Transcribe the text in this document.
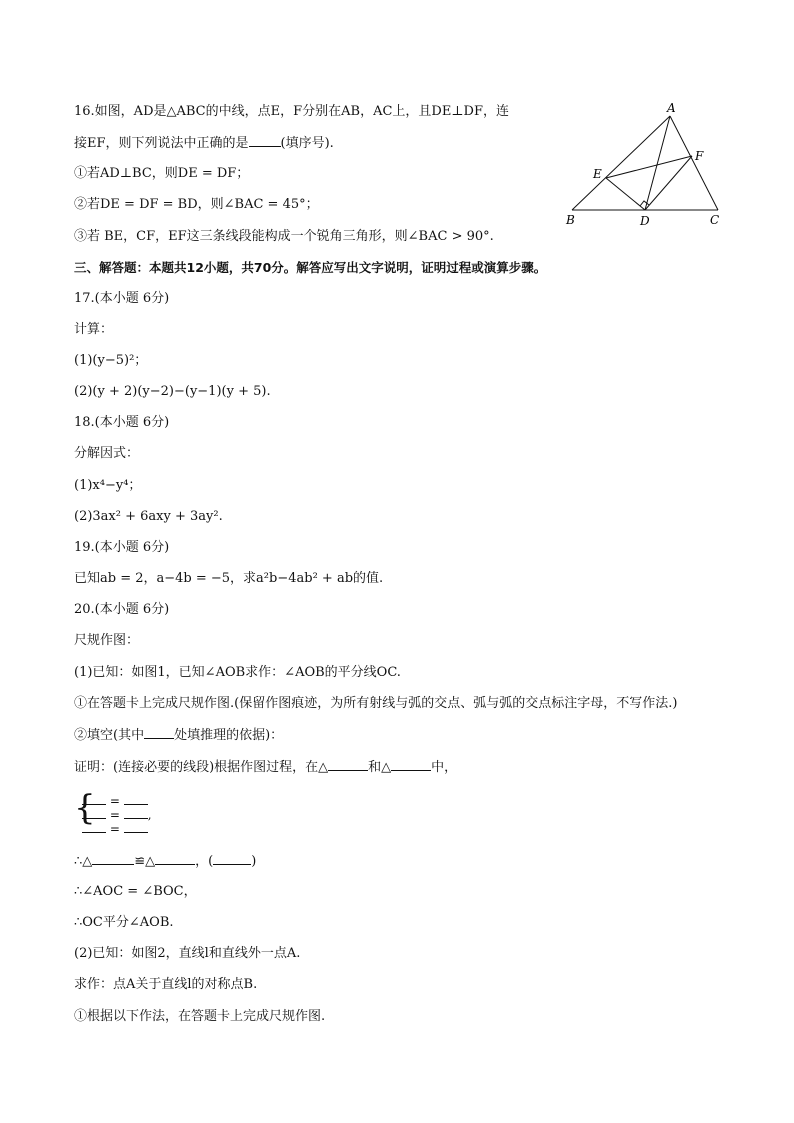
16.如图，AD是△ABC的中线，点E，F分别在AB，AC上，且DE⊥DF，连
接EF，则下列说法中正确的是 (填序号).
①若AD⊥BC，则DE = DF；
②若DE = DF = BD，则∠BAC = 45°；
③若 BE，CF，EF这三条线段能构成一个锐角三角形，则∠BAC > 90°.
A
B	C
D
E
F
三、解答题：本题共12小题，共70分。解答应写出文字说明，证明过程或演算步骤。
17.(本小题 6分)
计算：
(1)(y−5)²；
(2)(y + 2)(y−2)−(y−1)(y + 5).
18.(本小题 6分)
分解因式：
(1)x⁴−y⁴；
(2)3ax² + 6axy + 3ay².
19.(本小题 6分)
已知ab = 2，a−4b = −5，求a²b−4ab² + ab的值.
20.(本小题 6分)
尺规作图：
(1)已知：如图1，已知∠AOB求作：∠AOB的平分线OC.
①在答题卡上完成尺规作图.(保留作图痕迹，为所有射线与弧的交点、弧与弧的交点标注字母，不写作法.)
②填空(其中 处填推理的依据)：
证明：(连接必要的线段)根据作图过程，在△	和△	中，
{	=
= ,
=
∴△	≌△	，(	)
∴∠AOC = ∠BOC，
∴OC平分∠AOB.
(2)已知：如图2，直线l和直线外一点A.
求作：点A关于直线l的对称点B.
①根据以下作法，在答题卡上完成尺规作图.
